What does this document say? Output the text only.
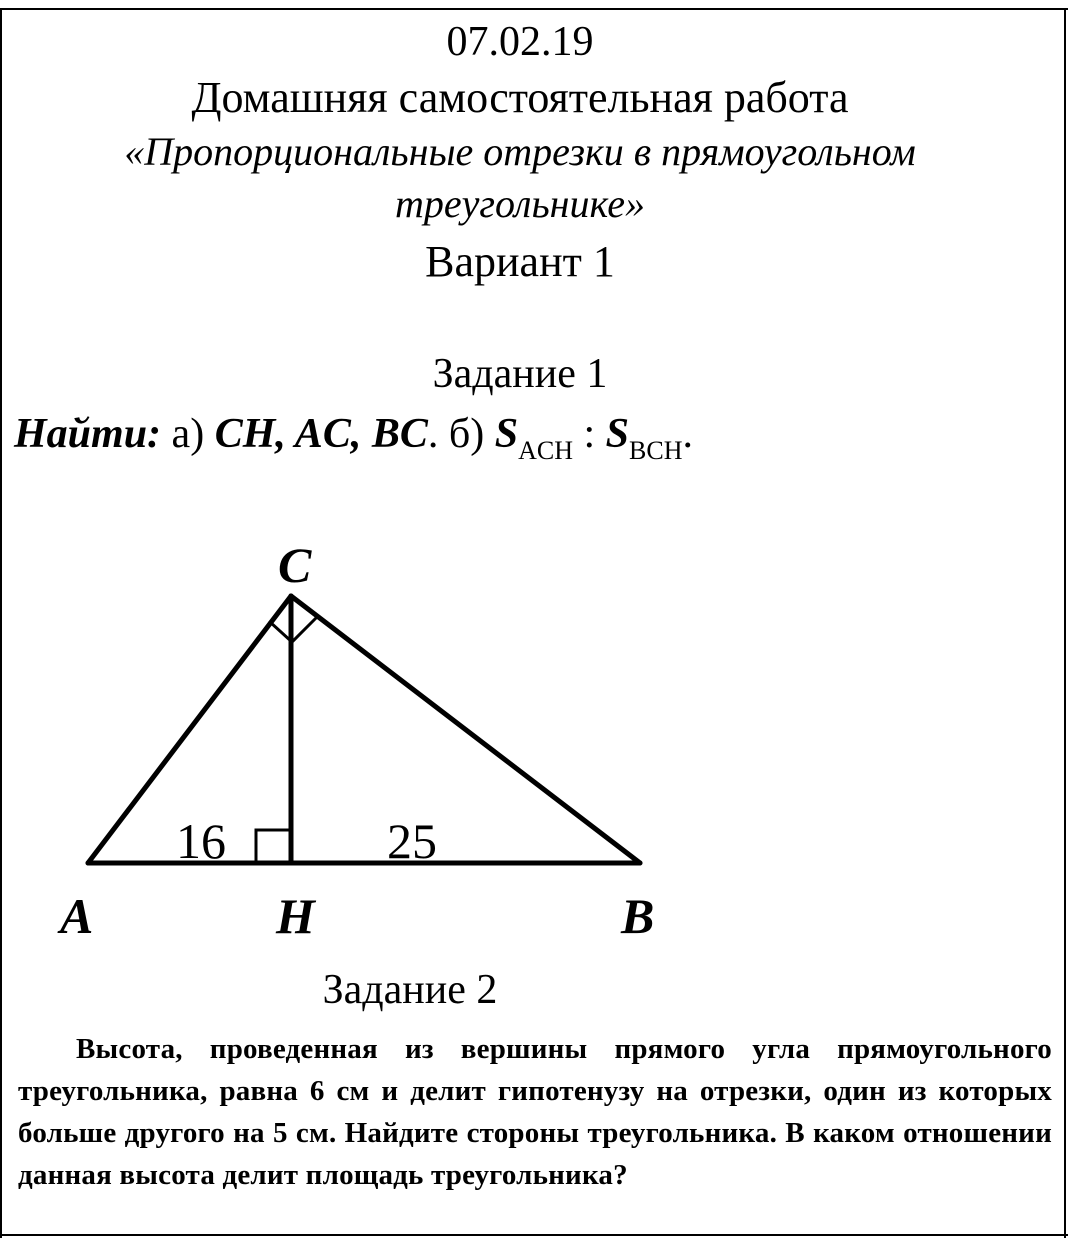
07.02.19
Домашняя самостоятельная работа
«Пропорциональные отрезки в прямоугольном
треугольнике»
Вариант 1
Задание 1
Найти: а) CH, AC, BC. б) $S_{ACH}$ : $S_{BCH}$.
C
A	H	B
16	25
Задание 2
Высота, проведенная из вершины прямого угла прямоугольного треугольника, равна 6 см и делит гипотенузу на отрезки, один из которых больше другого на 5 см. Найдите стороны треугольника. В каком отношении данная высота делит площадь треугольника?
